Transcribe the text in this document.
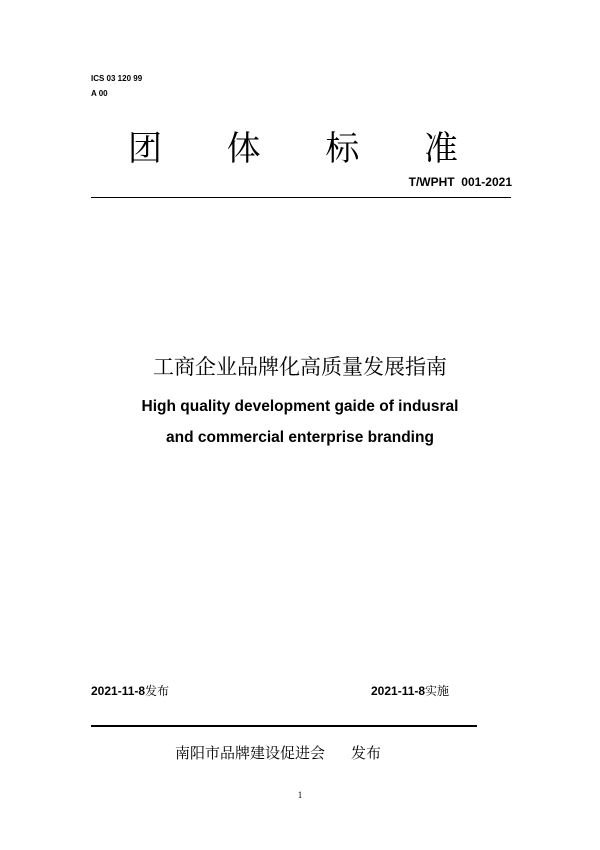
ICS 03 120 99
A 00
团 体 标 准
T/WPHT  001-2021
工商企业品牌化高质量发展指南
High quality development gaide of indusral
and commercial enterprise branding
2021-11-8发布	2021-11-8实施
南阳市品牌建设促进会 发布
1
